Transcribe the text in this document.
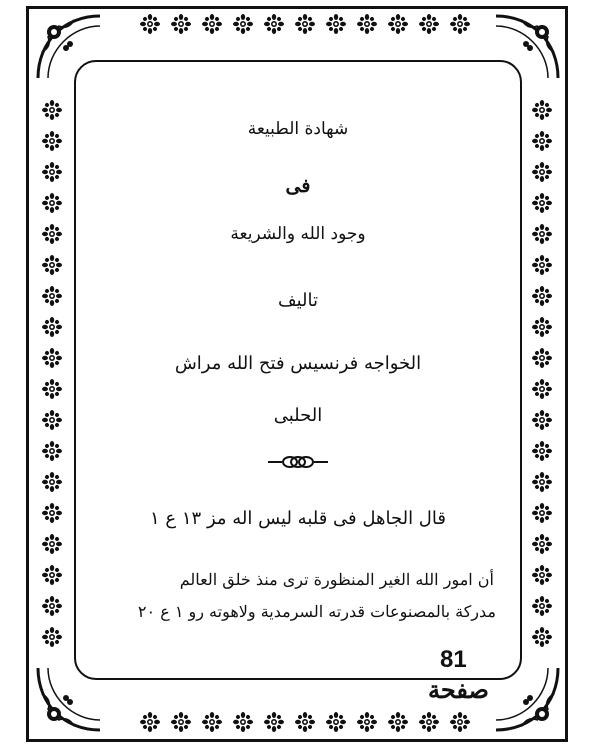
شهادة الطبيعة
فى
وجود الله والشريعة
تاليف
الخواجه فرنسيس فتح الله مراش
الحلبى
قال الجاهل فى قلبه ليس اله مز ١٣ ع ١
أن امور الله الغير المنظورة ترى منذ خلق العالم
مدركة بالمصنوعات قدرته السرمدية ولاهوته رو ١ ع ٢٠
81
صفحة
